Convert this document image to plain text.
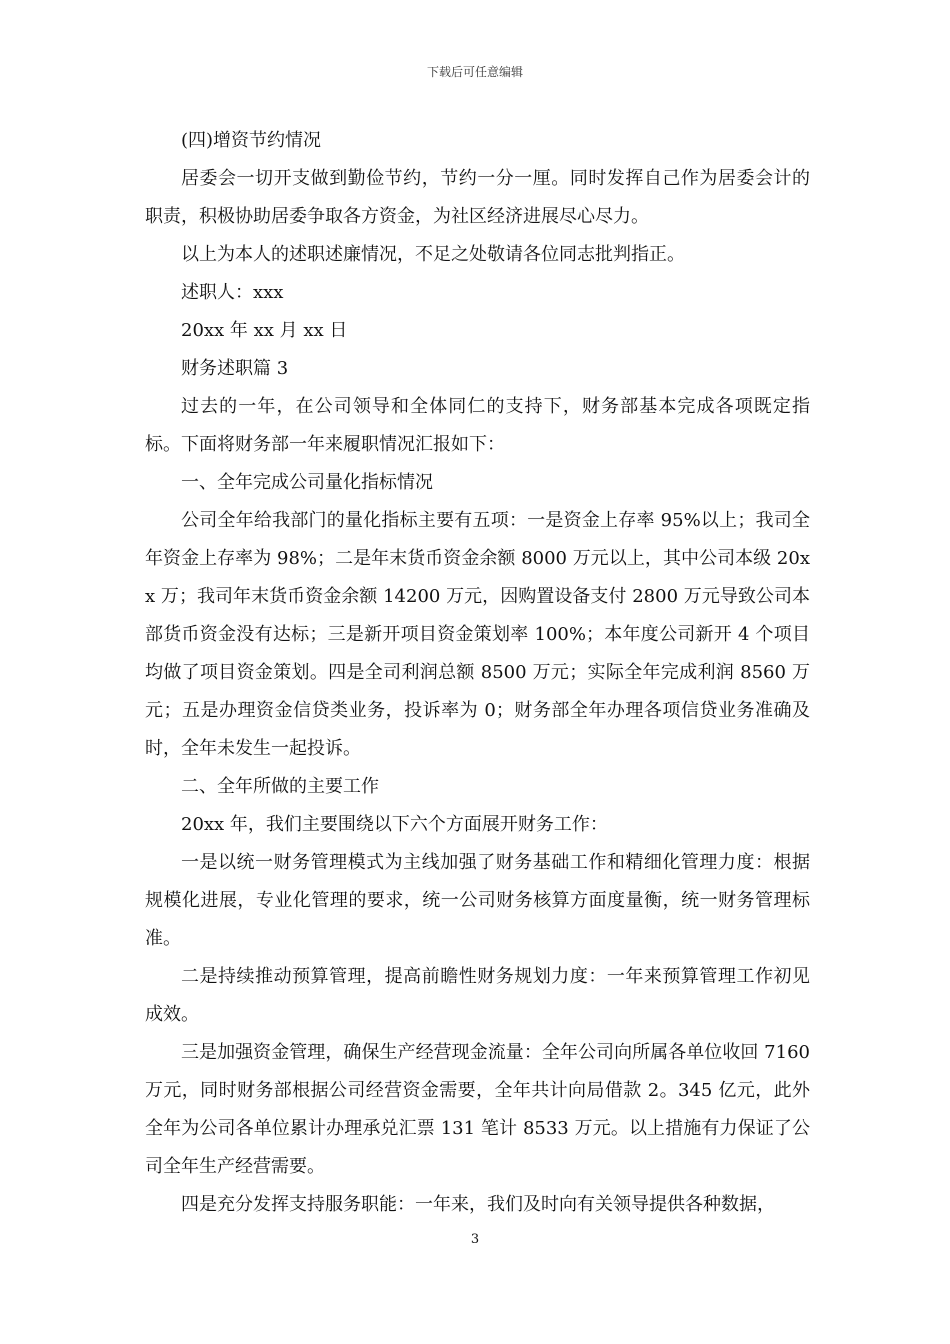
下载后可任意编辑

(四)增资节约情况

居委会一切开支做到勤俭节约，节约一分一厘。同时发挥自己作为居委会计的职责，积极协助居委争取各方资金，为社区经济进展尽心尽力。

以上为本人的述职述廉情况，不足之处敬请各位同志批判指正。

述职人：xxx

20xx 年 xx 月 xx 日

财务述职篇 3

过去的一年，在公司领导和全体同仁的支持下，财务部基本完成各项既定指标。下面将财务部一年来履职情况汇报如下：

一、全年完成公司量化指标情况

公司全年给我部门的量化指标主要有五项：一是资金上存率 95%以上；我司全年资金上存率为 98%；二是年末货币资金余额 8000 万元以上，其中公司本级 20xx 万；我司年末货币资金余额 14200 万元，因购置设备支付 2800 万元导致公司本部货币资金没有达标；三是新开项目资金策划率 100%；本年度公司新开 4 个项目均做了项目资金策划。四是全司利润总额 8500 万元；实际全年完成利润 8560 万元；五是办理资金信贷类业务，投诉率为 0；财务部全年办理各项信贷业务准确及时，全年未发生一起投诉。

二、全年所做的主要工作

20xx 年，我们主要围绕以下六个方面展开财务工作：

一是以统一财务管理模式为主线加强了财务基础工作和精细化管理力度：根据规模化进展，专业化管理的要求，统一公司财务核算方面度量衡，统一财务管理标准。

二是持续推动预算管理，提高前瞻性财务规划力度：一年来预算管理工作初见成效。

三是加强资金管理，确保生产经营现金流量：全年公司向所属各单位收回 7160 万元，同时财务部根据公司经营资金需要，全年共计向局借款 2。345 亿元，此外全年为公司各单位累计办理承兑汇票 131 笔计 8533 万元。以上措施有力保证了公司全年生产经营需要。

四是充分发挥支持服务职能：一年来，我们及时向有关领导提供各种数据，

3
